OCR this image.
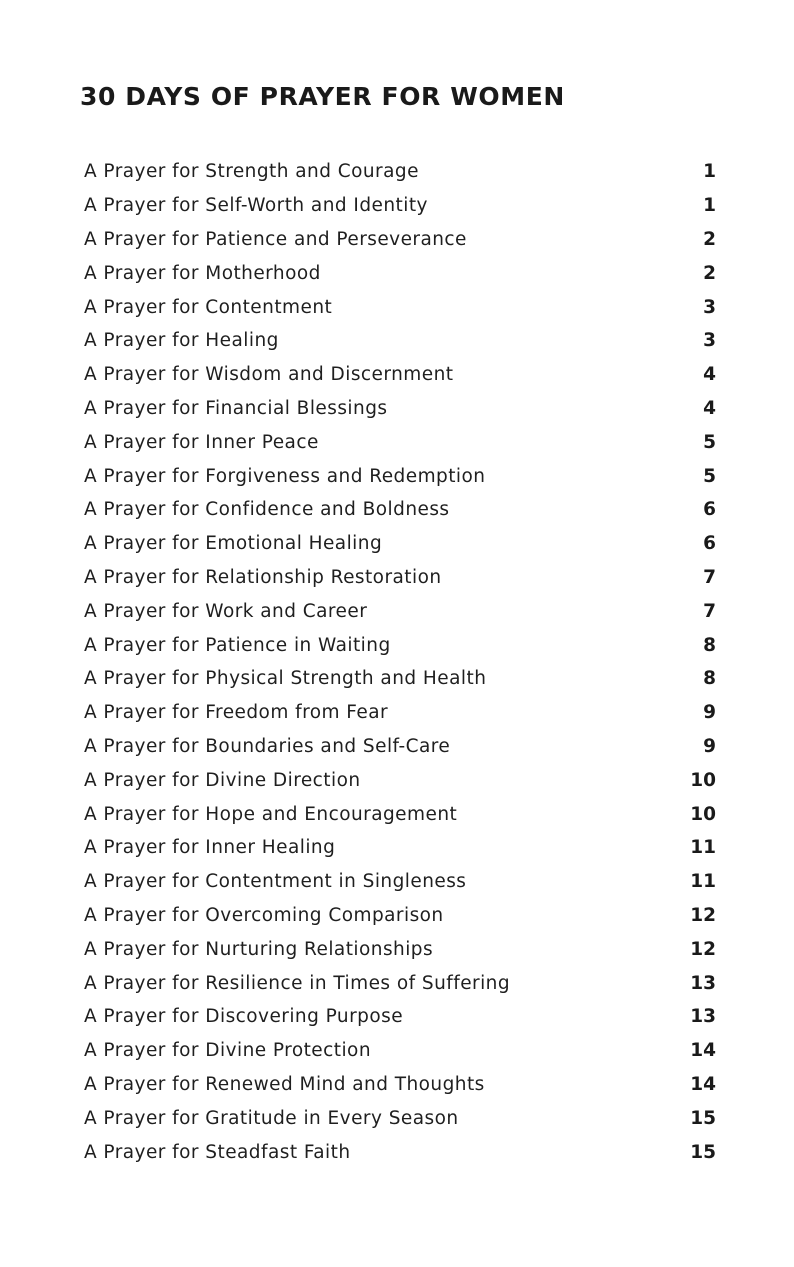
30 DAYS OF PRAYER FOR WOMEN
A Prayer for Strength and Courage	1
A Prayer for Self-Worth and Identity	1
A Prayer for Patience and Perseverance	2
A Prayer for Motherhood	2
A Prayer for Contentment	3
A Prayer for Healing	3
A Prayer for Wisdom and Discernment	4
A Prayer for Financial Blessings	4
A Prayer for Inner Peace	5
A Prayer for Forgiveness and Redemption	5
A Prayer for Confidence and Boldness	6
A Prayer for Emotional Healing	6
A Prayer for Relationship Restoration	7
A Prayer for Work and Career	7
A Prayer for Patience in Waiting	8
A Prayer for Physical Strength and Health	8
A Prayer for Freedom from Fear	9
A Prayer for Boundaries and Self-Care	9
A Prayer for Divine Direction	10
A Prayer for Hope and Encouragement	10
A Prayer for Inner Healing	11
A Prayer for Contentment in Singleness	11
A Prayer for Overcoming Comparison	12
A Prayer for Nurturing Relationships	12
A Prayer for Resilience in Times of Suffering	13
A Prayer for Discovering Purpose	13
A Prayer for Divine Protection	14
A Prayer for Renewed Mind and Thoughts	14
A Prayer for Gratitude in Every Season	15
A Prayer for Steadfast Faith	15
